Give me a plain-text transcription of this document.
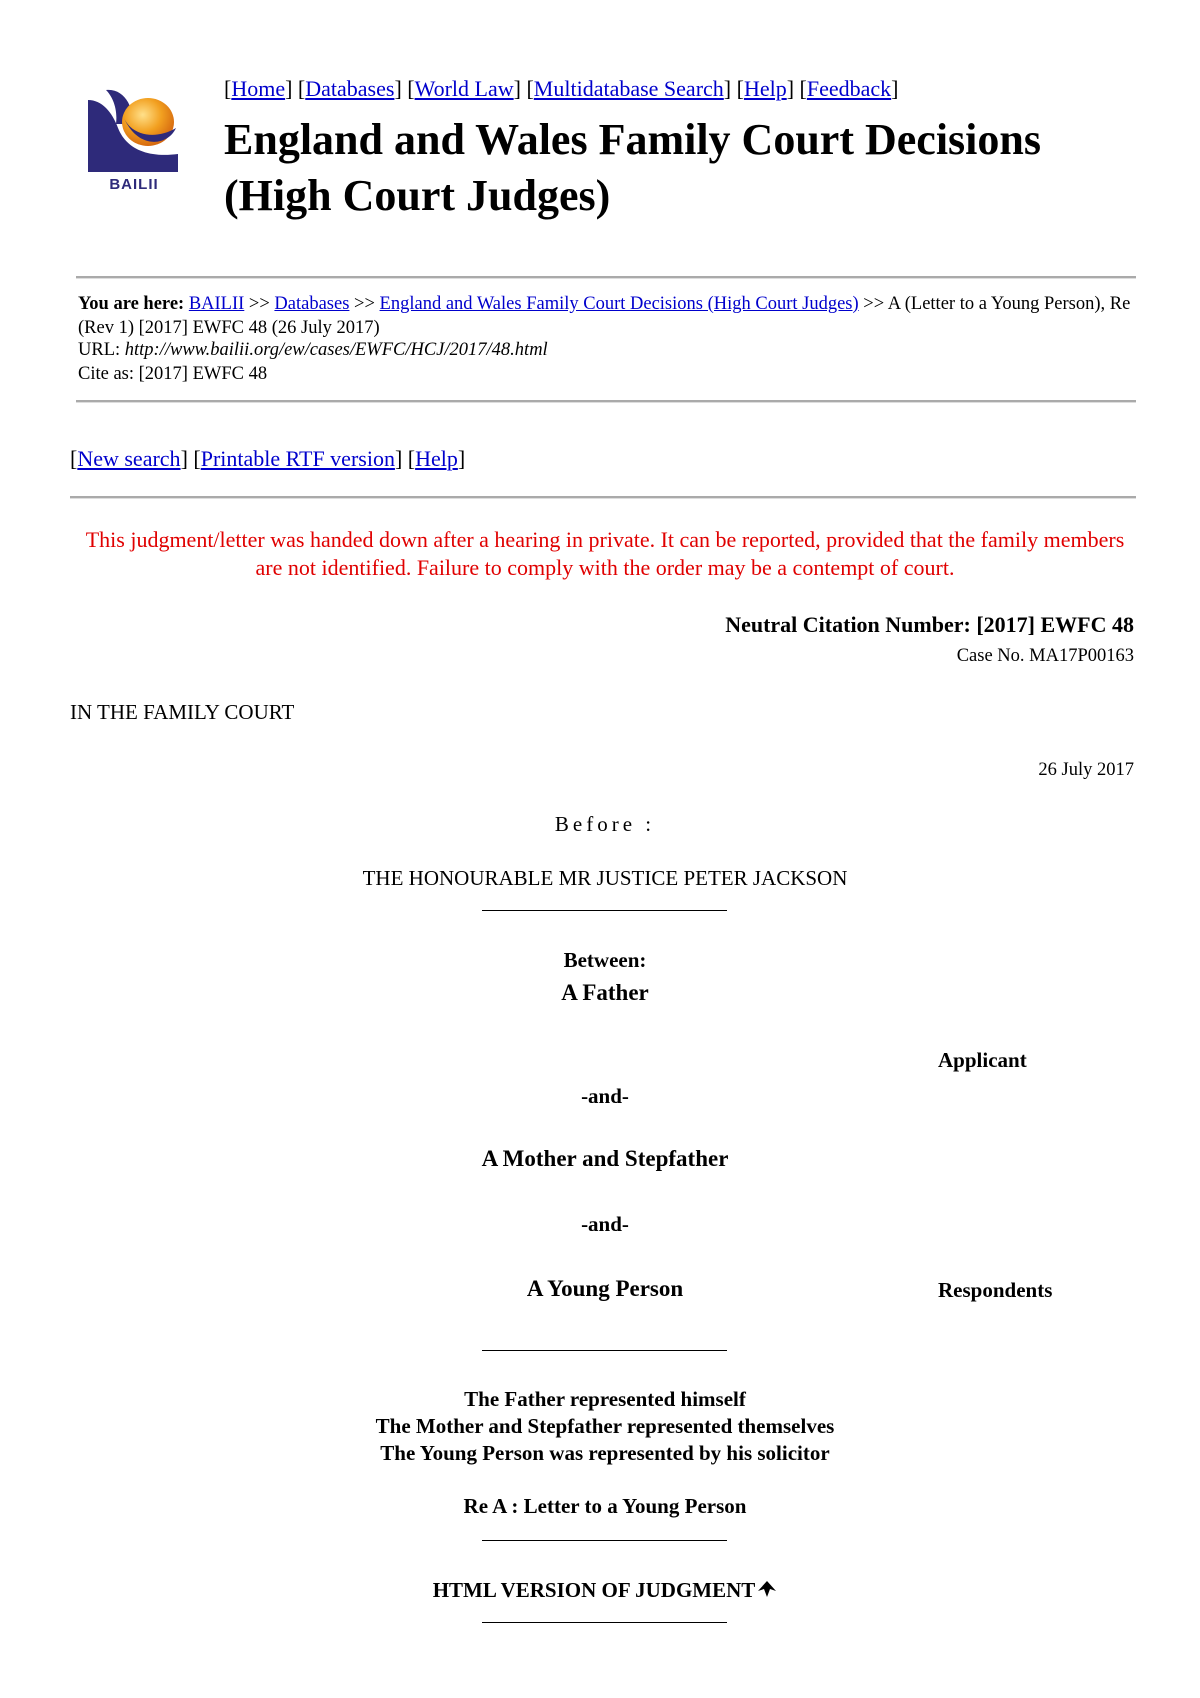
BAILII
[Home] [Databases] [World Law] [Multidatabase Search] [Help] [Feedback]
England and Wales Family Court Decisions
(High Court Judges)
You are here: BAILII >> Databases >> England and Wales Family Court Decisions (High Court Judges) >> A (Letter to a Young Person), Re (Rev 1) [2017] EWFC 48 (26 July 2017)
URL: http://www.bailii.org/ew/cases/EWFC/HCJ/2017/48.html
Cite as: [2017] EWFC 48
[New search] [Printable RTF version] [Help]
This judgment/letter was handed down after a hearing in private. It can be reported, provided that the family members are not identified. Failure to comply with the order may be a contempt of court.
Neutral Citation Number: [2017] EWFC 48
Case No. MA17P00163
IN THE FAMILY COURT
26 July 2017
Before :
THE HONOURABLE MR JUSTICE PETER JACKSON
Between:
A Father
Applicant
-and-
A Mother and Stepfather
-and-
A Young Person	Respondents
The Father represented himself
The Mother and Stepfather represented themselves
The Young Person was represented by his solicitor
Re A : Letter to a Young Person
HTML VERSION OF JUDGMENT
